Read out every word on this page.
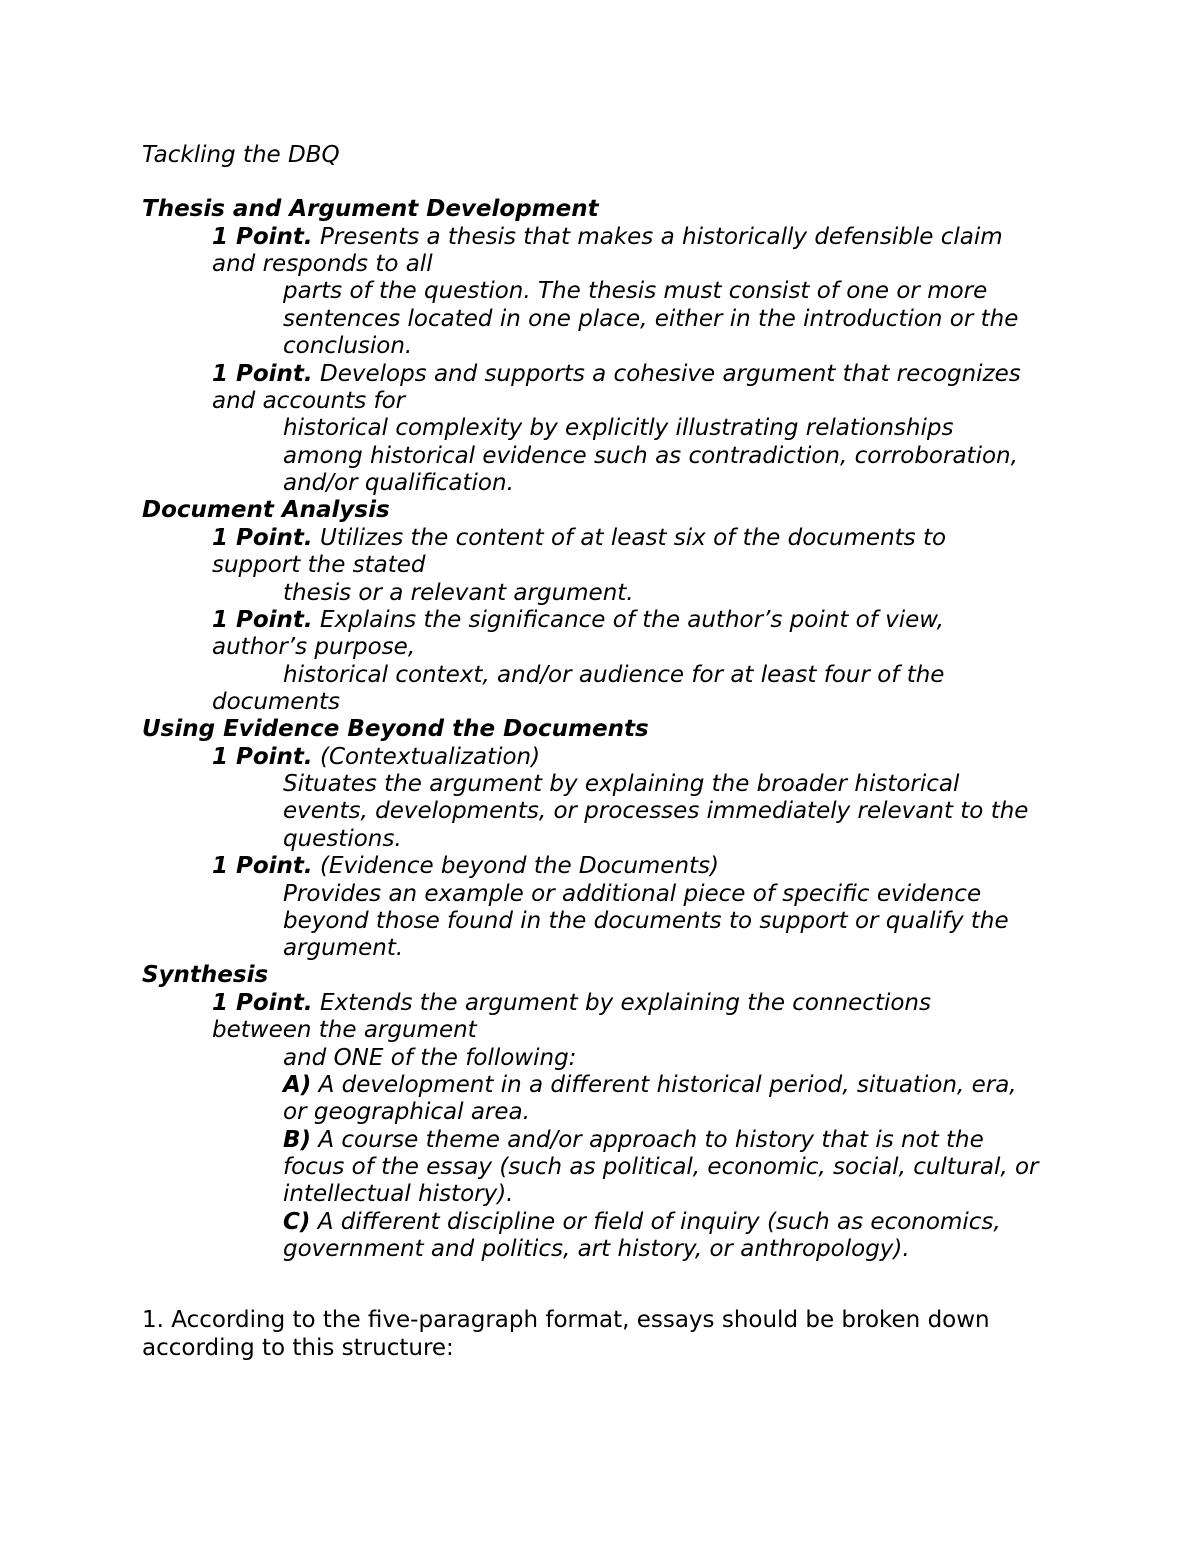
Tackling the DBQ
Thesis and Argument Development
1 Point. Presents a thesis that makes a historically defensible claim
and responds to all
parts of the question. The thesis must consist of one or more
sentences located in one place, either in the introduction or the
conclusion.
1 Point. Develops and supports a cohesive argument that recognizes
and accounts for
historical complexity by explicitly illustrating relationships
among historical evidence such as contradiction, corroboration,
and/or qualification.
Document Analysis
1 Point. Utilizes the content of at least six of the documents to
support the stated
thesis or a relevant argument.
1 Point. Explains the significance of the author’s point of view,
author’s purpose,
historical context, and/or audience for at least four of the
documents
Using Evidence Beyond the Documents
1 Point. (Contextualization)
Situates the argument by explaining the broader historical
events, developments, or processes immediately relevant to the
questions.
1 Point. (Evidence beyond the Documents)
Provides an example or additional piece of specific evidence
beyond those found in the documents to support or qualify the
argument.
Synthesis
1 Point. Extends the argument by explaining the connections
between the argument
and ONE of the following:
A) A development in a different historical period, situation, era,
or geographical area.
B) A course theme and/or approach to history that is not the
focus of the essay (such as political, economic, social, cultural, or
intellectual history).
C) A different discipline or field of inquiry (such as economics,
government and politics, art history, or anthropology).
1. According to the five-paragraph format, essays should be broken down
according to this structure:
